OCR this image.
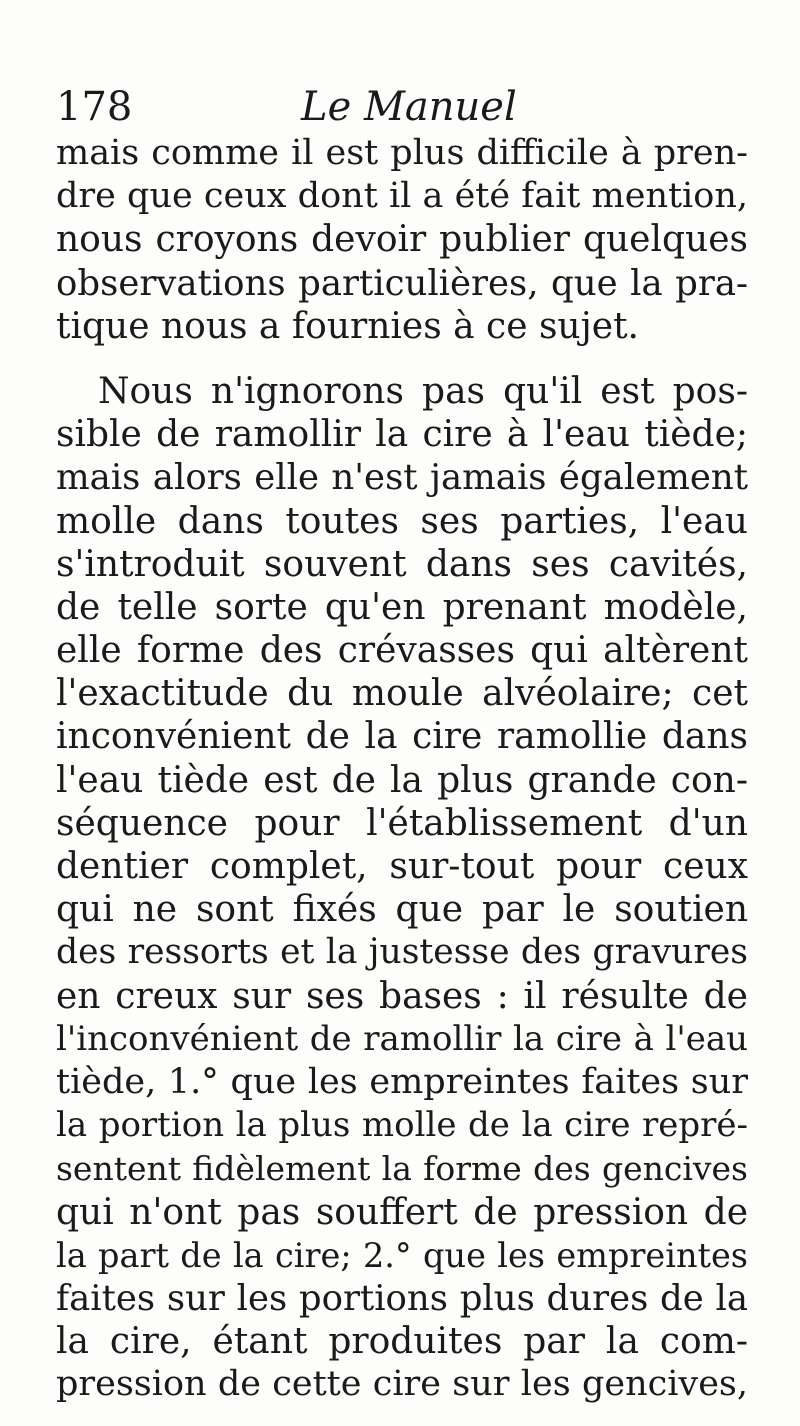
178	Le Manuel
mais comme il est plus difficile à pren-
dre que ceux dont il a été fait mention,
nous croyons devoir publier quelques
observations particulières, que la pra-
tique nous a fournies à ce sujet.
Nous n'ignorons pas qu'il est pos-
sible de ramollir la cire à l'eau tiède;
mais alors elle n'est jamais également
molle dans toutes ses parties, l'eau
s'introduit souvent dans ses cavités,
de telle sorte qu'en prenant modèle,
elle forme des crévasses qui altèrent
l'exactitude du moule alvéolaire; cet
inconvénient de la cire ramollie dans
l'eau tiède est de la plus grande con-
séquence pour l'établissement d'un
dentier complet, sur-tout pour ceux
qui ne sont fixés que par le soutien
des ressorts et la justesse des gravures
en creux sur ses bases : il résulte de
l'inconvénient de ramollir la cire à l'eau
tiède, 1.° que les empreintes faites sur
la portion la plus molle de la cire repré-
sentent fidèlement la forme des gencives
qui n'ont pas souffert de pression de
la part de la cire; 2.° que les empreintes
faites sur les portions plus dures de la
la cire, étant produites par la com-
pression de cette cire sur les gencives,
